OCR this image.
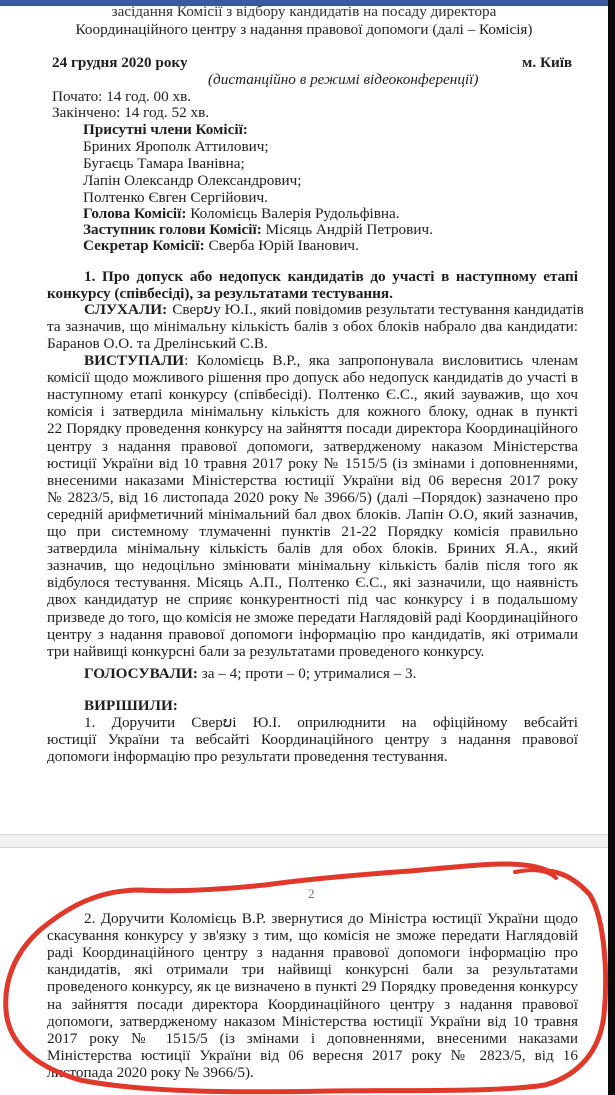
засідання Комісії з відбору кандидатів на посаду директора
Координаційного центру з надання правової допомоги (далі – Комісія)
24 грудня 2020 року	м. Київ
(дистанційно в режимі відеоконференції)
Почато: 14 год. 00 хв.
Закінчено: 14 год. 52 хв.
Присутні члени Комісії:
Бриних Ярополк Аттилович;
Бугаєць Тамара Іванівна;
Лапін Олександр Олександрович;
Полтенко Євген Сергійович.
Голова Комісії: Коломієць Валерія Рудольфівна.
Заступник голови Комісії: Місяць Андрій Петрович.
Секретар Комісії: Сверба Юрій Іванович.
1. Про допуск або недопуск кандидатів до участі в наступному етапі
конкурсу (співбесіді), за результатами тестування.
СЛУХАЛИ: Сверບу Ю.І., який повідомив результати тестування кандидатів
та зазначив, що мінімальну кількість балів з обох блоків набрало два кандидати:
Баранов О.О. та Дрелінський С.В.
ВИСТУПАЛИ : Коломієць В.Р., яка запропонувала висловитись членам
комісії щодо можливого рішення про допуск або недопуск кандидатів до участі в
наступному етапі конкурсу (співбесіді). Полтенко Є.С., який зауважив, що хоч
комісія і затвердила мінімальну кількість для кожного блоку, однак в пункті
22 Порядку проведення конкурсу на зайняття посади директора Координаційного
центру з надання правової допомоги, затвердженому наказом Міністерства
юстиції України від 10 травня 2017 року № 1515/5 (із змінами і доповненнями,
внесеними наказами Міністерства юстиції України від 06 вересня 2017 року
№ 2823/5, від 16 листопада 2020 року № 3966/5) (далі –Порядок) зазначено про
середній арифметичний мінімальний бал двох блоків. Лапін О.О, який зазначив,
що при системному тлумаченні пунктів 21-22 Порядку комісія правильно
затвердила мінімальну кількість балів для обох блоків. Бриних Я.А., який
зазначив, що недоцільно змінювати мінімальну кількість балів після того як
відбулося тестування. Місяць А.П., Полтенко Є.С., які зазначили, що наявність
двох кандидатур не сприяє конкурентності під час конкурсу і в подальшому
призведе до того, що комісія не зможе передати Наглядовій раді Координаційного
центру з надання правової допомоги інформацію про кандидатів, які отримали
три найвищі конкурсні бали за результатами проведеного конкурсу.
ГОЛОСУВАЛИ: за – 4; проти – 0; утрималися – 3.
ВИРІШИЛИ:
1. Доручити Сверບі Ю.І. оприлюднити на офіційному вебсайті
юстиції України та вебсайті Координаційного центру з надання правової
допомоги інформацію про результати проведення тестування.
2
2. Доручити Коломієць В.Р. звернутися до Міністра юстиції України щодо
скасування конкурсу у зв'язку з тим, що комісія не зможе передати Наглядовій
раді Координаційного центру з надання правової допомоги інформацію про
кандидатів, які отримали три найвищі конкурсні бали за результатами
проведеного конкурсу, як це визначено в пункті 29 Порядку проведення конкурсу
на зайняття посади директора Координаційного центру з надання правової
допомоги, затвердженому наказом Міністерства юстиції України від 10 травня
2017 року № 1515/5 (із змінами і доповненнями, внесеними наказами
Міністерства юстиції України від 06 вересня 2017 року № 2823/5, від 16
листопада 2020 року № 3966/5).
